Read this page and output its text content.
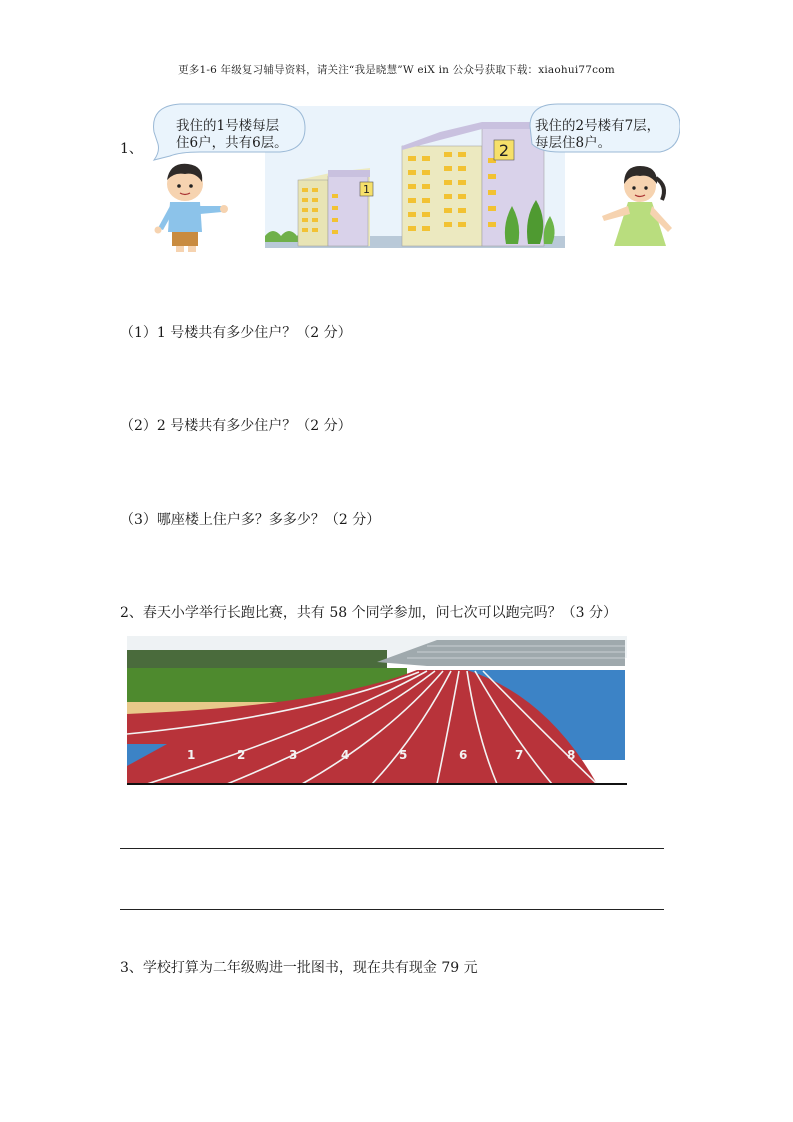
更多1-6 年级复习辅导资料，请关注“我是晓慧”W eiX in 公众号获取下载：xiaohui77com
1、
1
2
我住的1号楼每层
住6户，共有6层。
我住的2号楼有7层，
每层住8户。
（1）1 号楼共有多少住户？（2 分）
（2）2 号楼共有多少住户？（2 分）
（3）哪座楼上住户多？多多少？（2 分）
2、春天小学举行长跑比赛，共有 58 个同学参加，问七次可以跑完吗？（3 分）
1	2	3	4	5	6	7	8
3、学校打算为二年级购进一批图书，现在共有现金 79 元
